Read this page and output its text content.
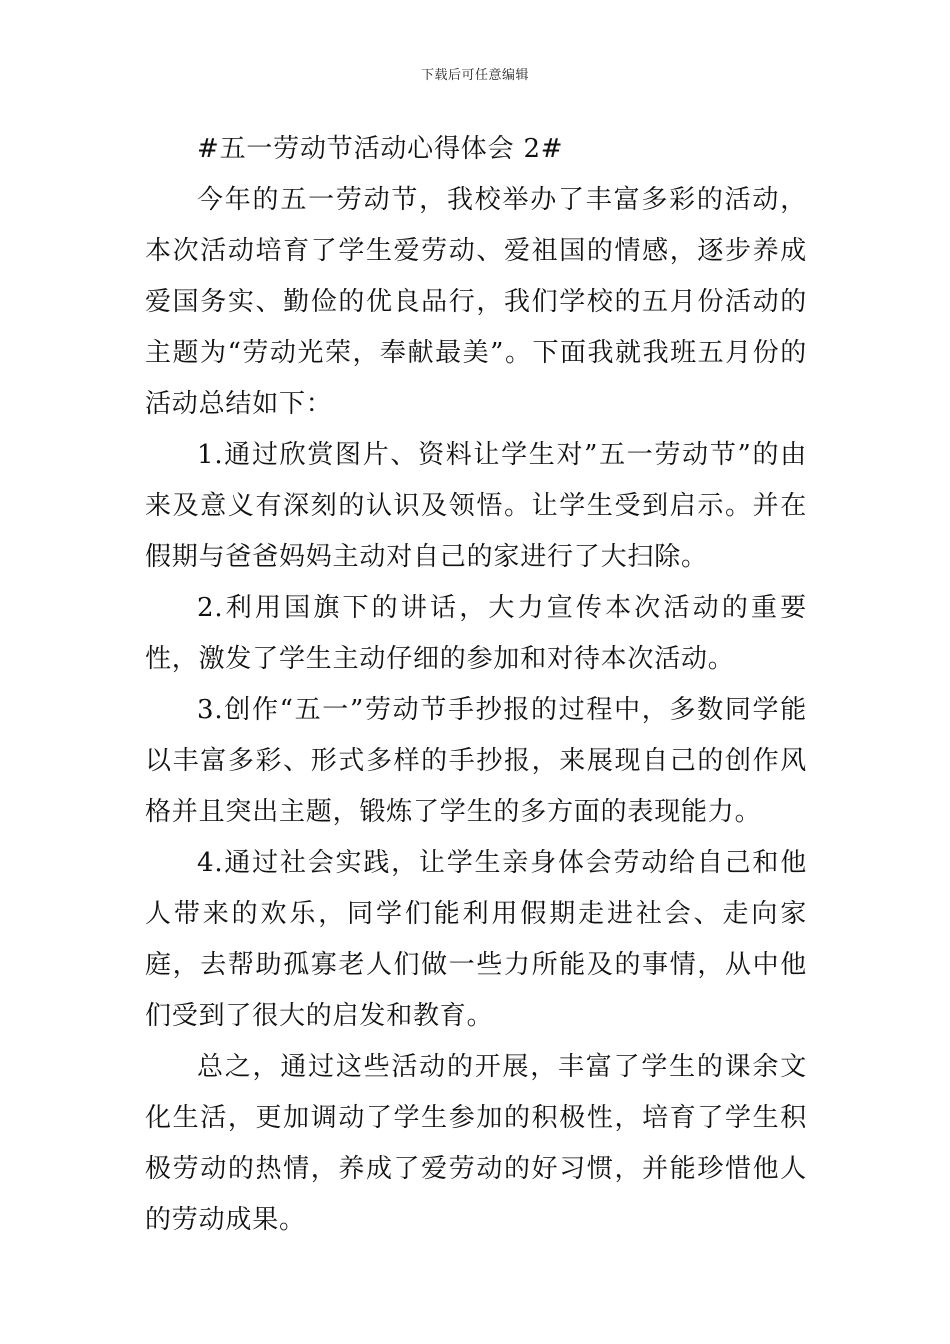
下载后可任意编辑

#五一劳动节活动心得体会 2#

今年的五一劳动节，我校举办了丰富多彩的活动，本次活动培育了学生爱劳动、爱祖国的情感，逐步养成爱国务实、勤俭的优良品行，我们学校的五月份活动的主题为“劳动光荣，奉献最美”。下面我就我班五月份的活动总结如下：

1.通过欣赏图片、资料让学生对”五一劳动节”的由来及意义有深刻的认识及领悟。让学生受到启示。并在假期与爸爸妈妈主动对自己的家进行了大扫除。

2.利用国旗下的讲话，大力宣传本次活动的重要性，激发了学生主动仔细的参加和对待本次活动。

3.创作“五一”劳动节手抄报的过程中，多数同学能以丰富多彩、形式多样的手抄报，来展现自己的创作风格并且突出主题，锻炼了学生的多方面的表现能力。

4.通过社会实践，让学生亲身体会劳动给自己和他人带来的欢乐，同学们能利用假期走进社会、走向家庭，去帮助孤寡老人们做一些力所能及的事情，从中他们受到了很大的启发和教育。

总之，通过这些活动的开展，丰富了学生的课余文化生活，更加调动了学生参加的积极性，培育了学生积极劳动的热情，养成了爱劳动的好习惯，并能珍惜他人的劳动成果。
